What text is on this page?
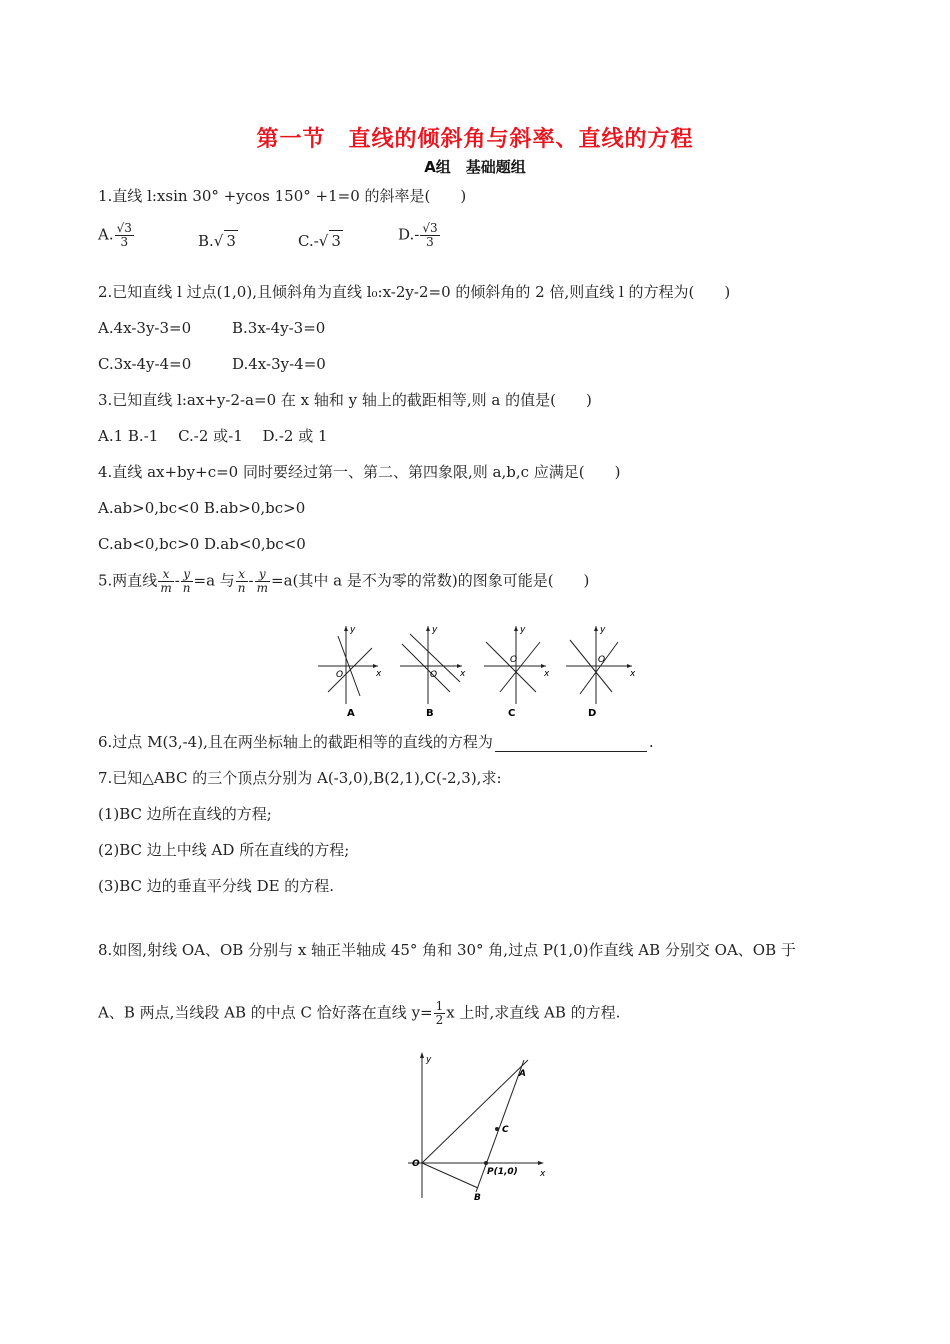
第一节　直线的倾斜角与斜率、直线的方程
A组　基础题组
1.直线 l:xsin 30° +ycos 150° +1=0 的斜率是(　　)
A. $\frac{√3}{3}$	B.√ 3	C.-√ 3	$D.- \frac{√3}{3}$
2.已知直线 l 过点(1,0),且倾斜角为直线 l₀:x-2y-2=0 的倾斜角的 2 倍,则直线 l 的方程为(　　)
A.4x-3y-3=0	B.3x-4y-3=0
C.3x-4y-4=0	D.4x-3y-4=0
3.已知直线 l:ax+y-2-a=0 在 x 轴和 y 轴上的截距相等,则 a 的值是(　　)
A.1 B.-1　 C.-2 或-1　 D.-2 或 1
4.直线 ax+by+c=0 同时要经过第一、第二、第四象限,则 a,b,c 应满足(　　)
A.ab>0,bc<0 B.ab>0,bc>0
C.ab<0,bc>0 D.ab<0,bc<0
5.两直线 $\frac{x}{m} - \frac{y}{n} =a$ 与 $\frac{x}{n} - \frac{y}{m} =a$(其中 a 是不为零的常数)的图象可能是(　　)
y
x
O
A
y
x
O
B
y
x
O
C
y
x
O
D
6.过点 M(3,-4),且在两坐标轴上的截距相等的直线的方程为	.
7.已知△ABC 的三个顶点分别为 A(-3,0),B(2,1),C(-2,3),求:
(1)BC 边所在直线的方程;
(2)BC 边上中线 AD 所在直线的方程;
(3)BC 边的垂直平分线 DE 的方程.
8.如图,射线 OA、OB 分别与 x 轴正半轴成 45° 角和 30° 角,过点 P(1,0)作直线 AB 分别交 OA、OB 于
A、B 两点,当线段 AB 的中点 C 恰好落在直线 $y= \frac{1}{2}$ x 上时,求直线 AB 的方程.
y
x
O
A
B
C
P(1,0)
